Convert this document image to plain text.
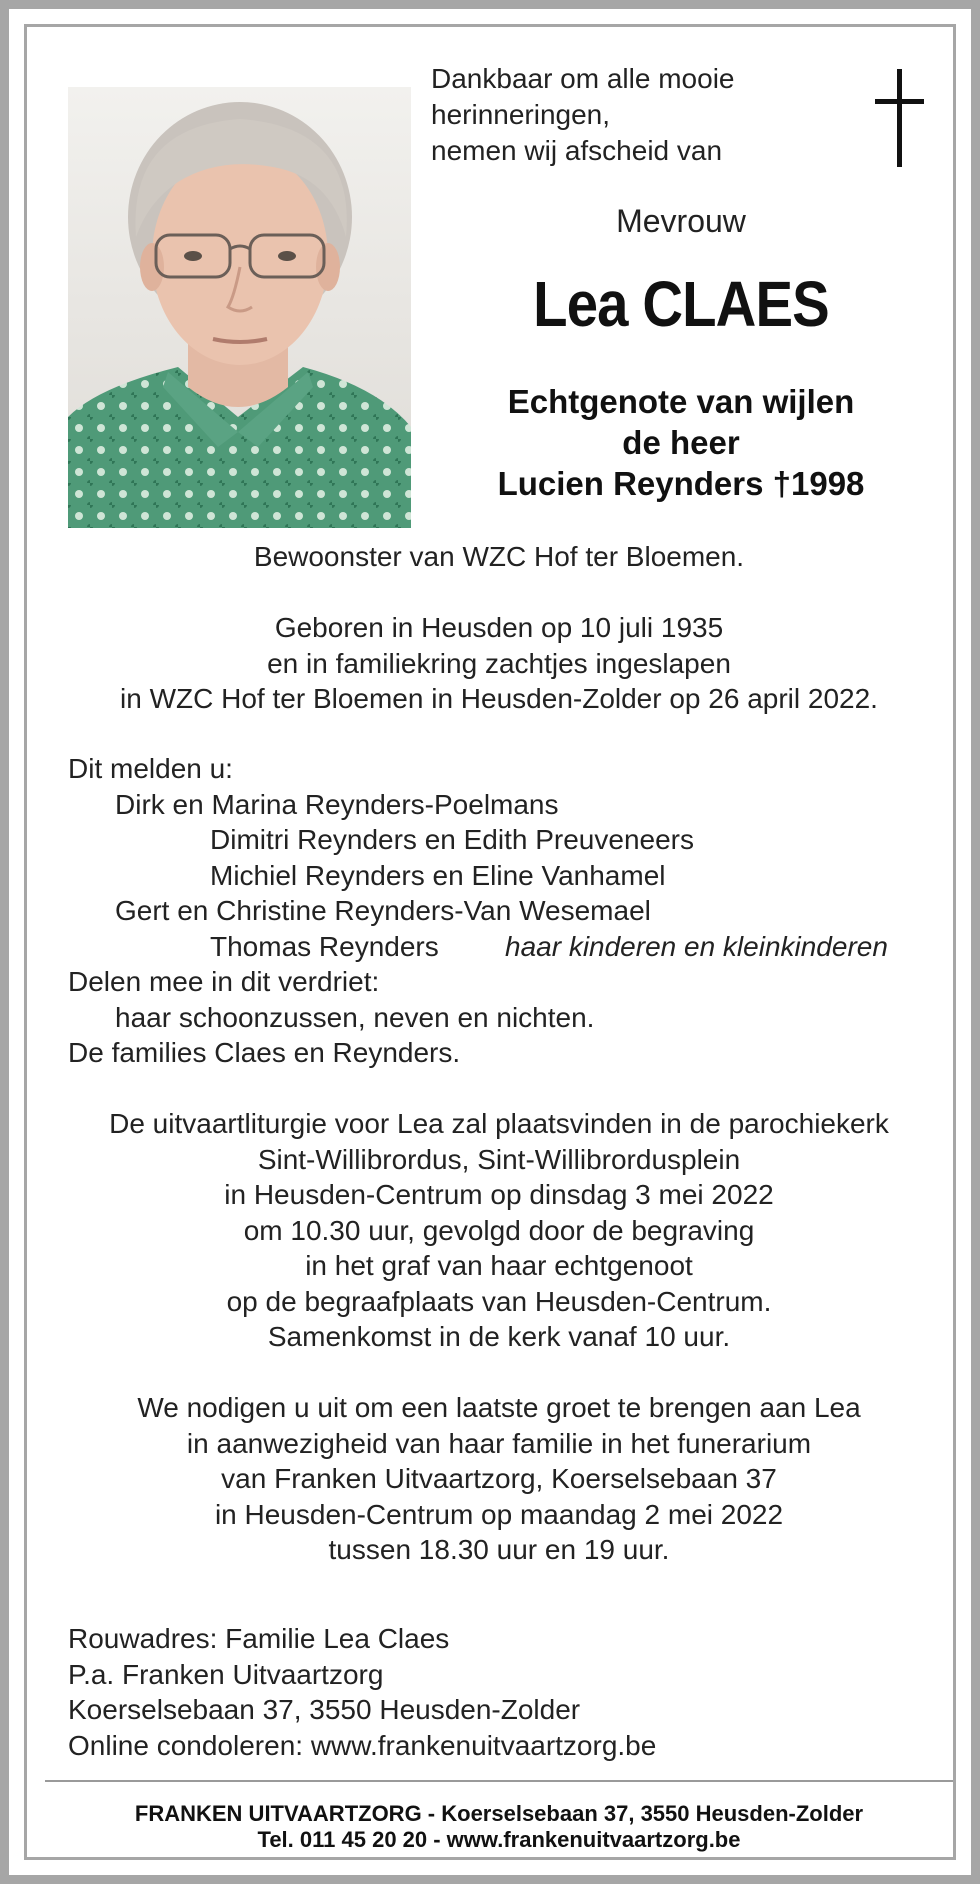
Dankbaar om alle mooie
herinneringen,
nemen wij afscheid van
Mevrouw
Lea CLAES
Echtgenote van wijlen
de heer
Lucien Reynders †1998
Bewoonster van WZC Hof ter Bloemen.
Geboren in Heusden op 10 juli 1935
en in familiekring zachtjes ingeslapen
in WZC Hof ter Bloemen in Heusden-Zolder op 26 april 2022.
Dit melden u:
Dirk en Marina Reynders-Poelmans
Dimitri Reynders en Edith Preuveneers
Michiel Reynders en Eline Vanhamel
Gert en Christine Reynders-Van Wesemael
Thomas Reynders haar kinderen en kleinkinderen
Delen mee in dit verdriet:
haar schoonzussen, neven en nichten.
De families Claes en Reynders.
De uitvaartliturgie voor Lea zal plaatsvinden in de parochiekerk
Sint-Willibrordus, Sint-Willibrordusplein
in Heusden-Centrum op dinsdag 3 mei 2022
om 10.30 uur, gevolgd door de begraving
in het graf van haar echtgenoot
op de begraafplaats van Heusden-Centrum.
Samenkomst in de kerk vanaf 10 uur.
We nodigen u uit om een laatste groet te brengen aan Lea
in aanwezigheid van haar familie in het funerarium
van Franken Uitvaartzorg, Koerselsebaan 37
in Heusden-Centrum op maandag 2 mei 2022
tussen 18.30 uur en 19 uur.
Rouwadres: Familie Lea Claes
P.a. Franken Uitvaartzorg
Koerselsebaan 37, 3550 Heusden-Zolder
Online condoleren: www.frankenuitvaartzorg.be
FRANKEN UITVAARTZORG - Koerselsebaan 37, 3550 Heusden-Zolder
Tel. 011 45 20 20 - www.frankenuitvaartzorg.be
